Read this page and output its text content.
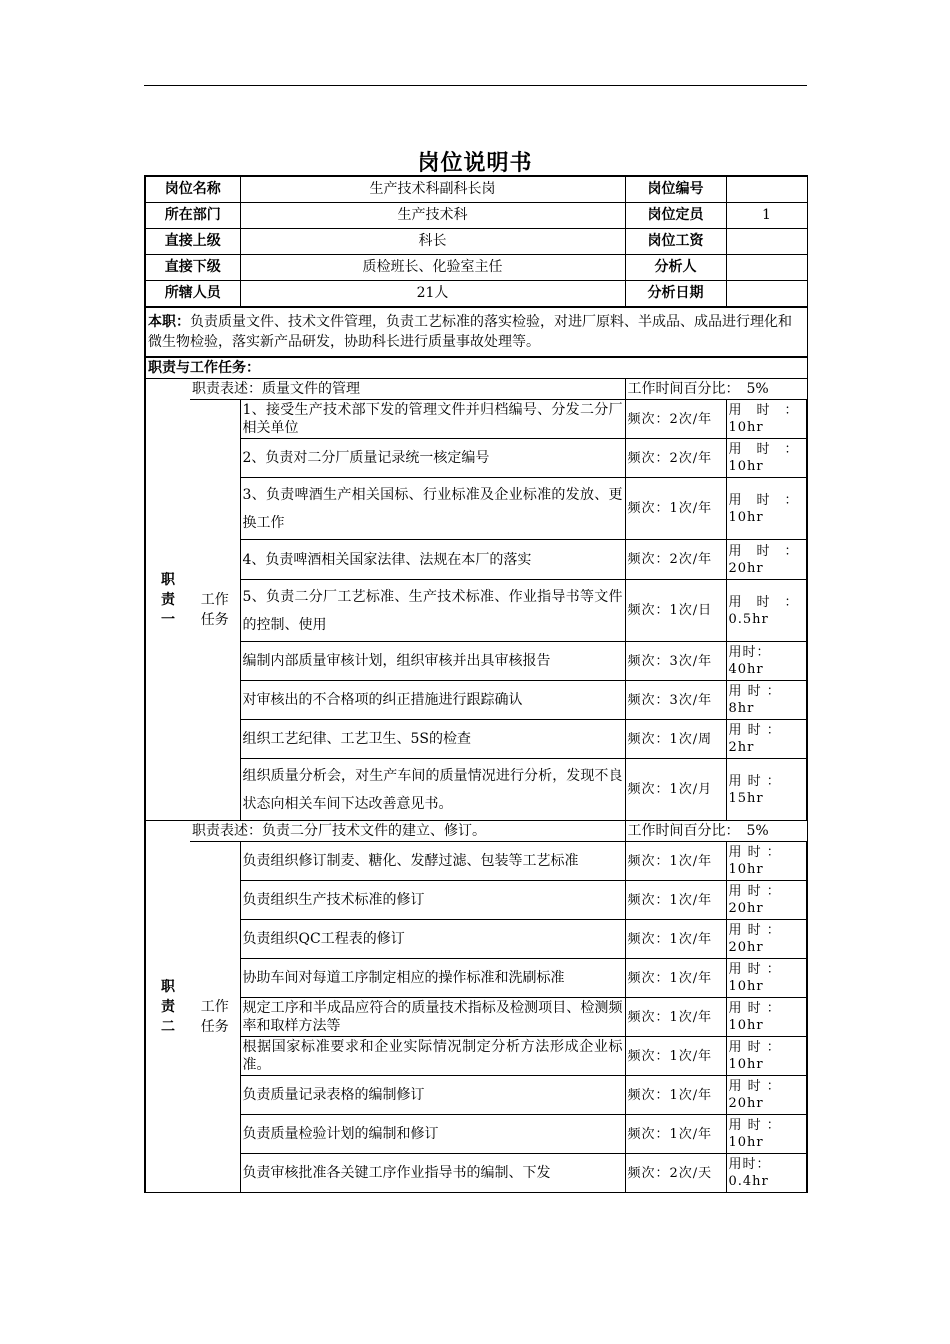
岗位说明书
岗位名称		生产技术科副科长岗	岗位编号	
所在部门		生产技术科	岗位定员	1
直接上级		科长	岗位工资	
直接下级		质检班长、化验室主任	分析人	
所辖人员		21人	分析日期	
本职：负责质量文件、技术文件管理，负责工艺标准的落实检验，对进厂原料、半成品、成品进行理化和微生物检验，落实新产品研发，协助科长进行质量事故处理等。				
职责与工作任务：				

职
责
一	职责表述：质量文件的管理		工作时间百分比：　5%	

	工作任务	1、接受生产技术部下发的管理文件并归档编号、分发二分厂相关单位	频次：2次/年	用　时　：10hr
		2、负责对二分厂质量记录统一核定编号	频次：2次/年	用　时　：10hr
		3、负责啤酒生产相关国标、行业标准及企业标准的发放、更换工作	频次：1次/年	用　时　：10hr
		4、负责啤酒相关国家法律、法规在本厂的落实	频次：2次/年	用　时　：20hr
		5、负责二分厂工艺标准、生产技术标准、作业指导书等文件的控制、使用	频次：1次/日	用　时　：0.5hr
		编制内部质量审核计划，组织审核并出具审核报告	频次：3次/年	用时：40hr
		对审核出的不合格项的纠正措施进行跟踪确认	频次：3次/年	用 时 ： 8hr
		组织工艺纪律、工艺卫生、5S的检查	频次：1次/周	用 时 ： 2hr
		组织质量分析会，对生产车间的质量情况进行分析，发现不良状态向相关车间下达改善意见书。	频次：1次/月	用 时 ： 15hr

职
责
二	职责表述：负责二分厂技术文件的建立、修订。		工作时间百分比：　5%	

	工作任务	负责组织修订制麦、糖化、发酵过滤、包装等工艺标准	频次：1次/年	用 时 ： 10hr
		负责组织生产技术标准的修订	频次：1次/年	用 时 ： 20hr
		负责组织QC工程表的修订	频次：1次/年	用 时 ： 20hr
		协助车间对每道工序制定相应的操作标准和洗刷标准	频次：1次/年	用 时 ： 10hr
		规定工序和半成品应符合的质量技术指标及检测项目、检测频率和取样方法等	频次：1次/年	用 时 ： 10hr
		根据国家标准要求和企业实际情况制定分析方法形成企业标准。	频次：1次/年	用 时 ： 10hr
		负责质量记录表格的编制修订	频次：1次/年	用 时 ： 20hr
		负责质量检验计划的编制和修订	频次：1次/年	用 时 ： 10hr
		负责审核批准各关键工序作业指导书的编制、下发	频次：2次/天	用时：0.4hr
